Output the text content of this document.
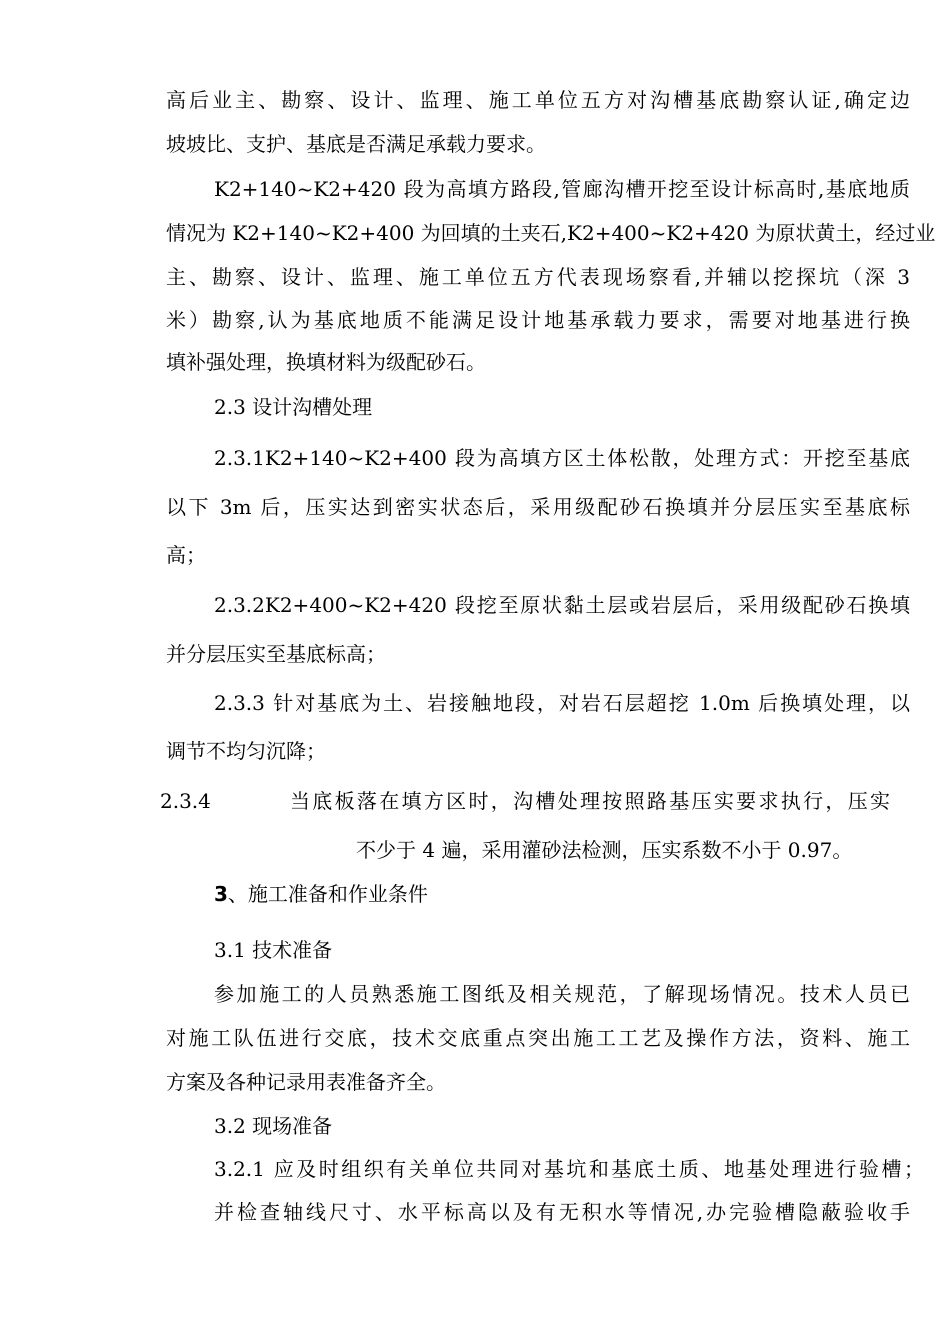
高后业主、勘察、设计、监理、施工单位五方对沟槽基底勘察认证,确定边
坡坡比、支护、基底是否满足承载力要求。
K2+140~K2+420 段为高填方路段,管廊沟槽开挖至设计标高时,基底地质
情况为 K2+140~K2+400 为回填的土夹石,K2+400~K2+420 为原状黄土，经过业
主、勘察、设计、监理、施工单位五方代表现场察看,并辅以挖探坑（深 3
米）勘察,认为基底地质不能满足设计地基承载力要求，需要对地基进行换
填补强处理，换填材料为级配砂石。
2.3 设计沟槽处理
2.3.1K2+140~K2+400 段为高填方区土体松散，处理方式：开挖至基底
以下 3m 后，压实达到密实状态后，采用级配砂石换填并分层压实至基底标
高；
2.3.2K2+400~K2+420 段挖至原状黏土层或岩层后，采用级配砂石换填
并分层压实至基底标高；
2.3.3 针对基底为土、岩接触地段，对岩石层超挖 1.0m 后换填处理，以
调节不均匀沉降；
2.3.4	当底板落在填方区时，沟槽处理按照路基压实要求执行，压实
不少于 4 遍，采用灌砂法检测，压实系数不小于 0.97。
3、施工准备和作业条件
3.1 技术准备
参加施工的人员熟悉施工图纸及相关规范，了解现场情况。技术人员已
对施工队伍进行交底，技术交底重点突出施工工艺及操作方法，资料、施工
方案及各种记录用表准备齐全。
3.2 现场准备
3.2.1 应及时组织有关单位共同对基坑和基底土质、地基处理进行验槽；
并检查轴线尺寸、水平标高以及有无积水等情况,办完验槽隐蔽验收手
